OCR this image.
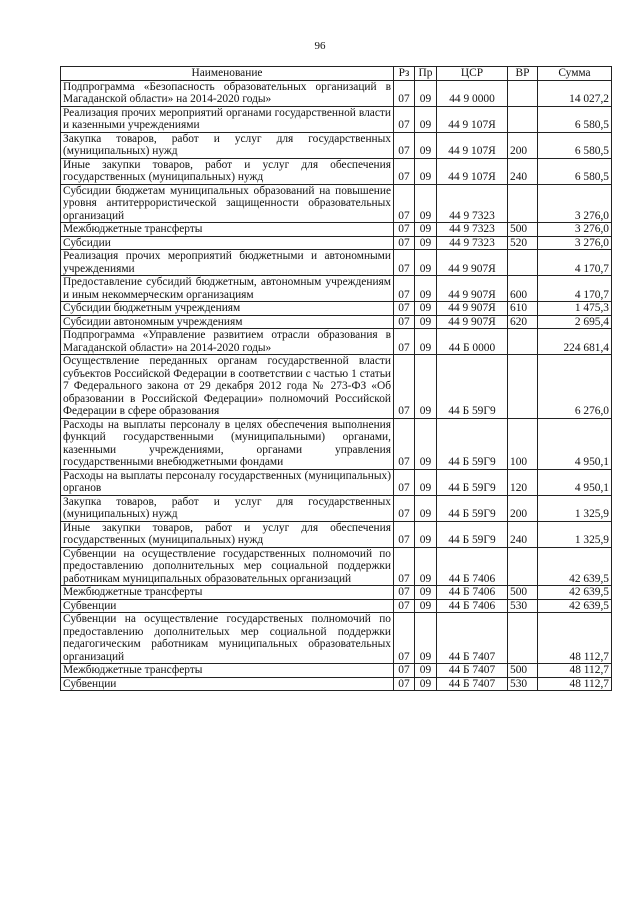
96
Наименование	Рз	Пр	ЦСР	ВР	Сумма
Подпрограмма «Безопасность образовательных организаций в Магаданской области» на 2014-2020 годы»	07	09	44 9 0000		14 027,2
Реализация прочих мероприятий органами государственной власти и казенными учреждениями	07	09	44 9 107Я		6 580,5
Закупка товаров, работ и услуг для государственных (муниципальных) нужд	07	09	44 9 107Я	200	6 580,5
Иные закупки товаров, работ и услуг для обеспечения государственных (муниципальных) нужд	07	09	44 9 107Я	240	6 580,5
Субсидии бюджетам муниципальных образований на повышение уровня антитеррористической защищенности образовательных организаций	07	09	44 9 7323		3 276,0
Межбюджетные трансферты	07	09	44 9 7323	500	3 276,0
Субсидии	07	09	44 9 7323	520	3 276,0
Реализация прочих мероприятий бюджетными и автономными учреждениями	07	09	44 9 907Я		4 170,7
Предоставление субсидий бюджетным, автономным учреждениям и иным некоммерческим организациям	07	09	44 9 907Я	600	4 170,7
Субсидии бюджетным учреждениям	07	09	44 9 907Я	610	1 475,3
Субсидии автономным учреждениям	07	09	44 9 907Я	620	2 695,4
Подпрограмма «Управление развитием отрасли образования в Магаданской области» на 2014-2020 годы»	07	09	44 Б 0000		224 681,4
Осуществление переданных органам государственной власти субъектов Российской Федерации в соответствии с частью 1 статьи 7 Федерального закона от 29 декабря 2012 года № 273-ФЗ «Об образовании в Российской Федерации» полномочий Российской Федерации в сфере образования	07	09	44 Б 59Г9		6 276,0
Расходы на выплаты персоналу в целях обеспечения выполнения функций государственными (муниципальными) органами, казенными учреждениями, органами управления государственными внебюджетными фондами	07	09	44 Б 59Г9	100	4 950,1
Расходы на выплаты персоналу государственных (муниципальных) органов	07	09	44 Б 59Г9	120	4 950,1
Закупка товаров, работ и услуг для государственных (муниципальных) нужд	07	09	44 Б 59Г9	200	1 325,9
Иные закупки товаров, работ и услуг для обеспечения государственных (муниципальных) нужд	07	09	44 Б 59Г9	240	1 325,9
Субвенции на осуществление государственных полномочий по предоставлению дополнительных мер социальной поддержки работникам муниципальных образовательных организаций	07	09	44 Б 7406		42 639,5
Межбюджетные трансферты	07	09	44 Б 7406	500	42 639,5
Субвенции	07	09	44 Б 7406	530	42 639,5
Субвенции на осуществление государственых полномочий по предоставлению дополнительых мер социальной поддержки педагогическим работникам муниципальных образовательных организаций	07	09	44 Б 7407		48 112,7
Межбюджетные трансферты	07	09	44 Б 7407	500	48 112,7
Субвенции	07	09	44 Б 7407	530	48 112,7
